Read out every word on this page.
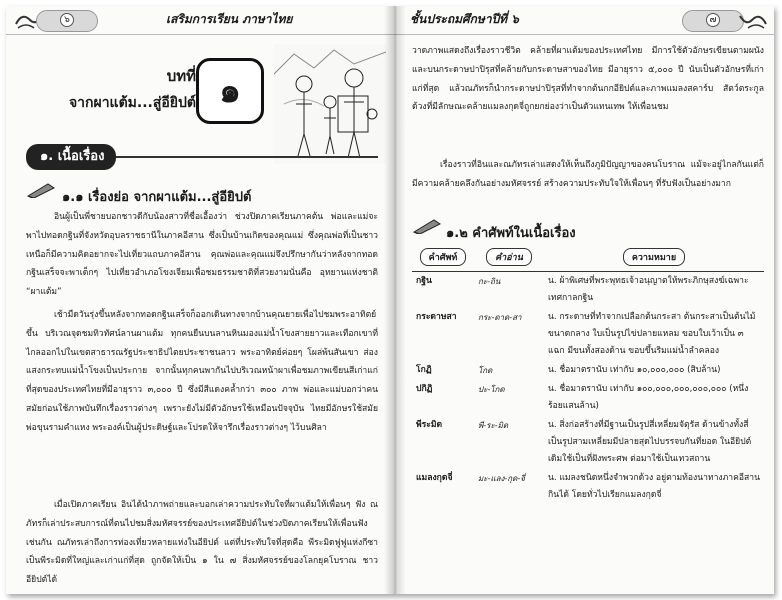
๖	เสริมการเรียน ภาษาไทย
บทที่
จากผาแต้ม...สู่อียิปต์ ๑
๑. เนื้อเรื่อง
๑.๑ เรื่องย่อ จากผาแต้ม...สู่อียิปต์
อินผู้เป็นพี่ชายบอกชาวดีกับน้องสาวที่ชื่อเอื้องว่า ช่วงปิดภาคเรียนภาคต้น พ่อและแม่จะพาไปทอดกฐินที่จังหวัดอุบลราชธานีในภาคอีสาน ซึ่งเป็นบ้านเกิดของคุณแม่ ซึ่งคุณพ่อที่เป็นชาวเหนือก็มีความคิดอยากจะไปเที่ยวแถบภาคอีสาน คุณพ่อและคุณแม่จึงปรึกษากันว่าหลังจากทอดกฐินเสร็จจะพาเด็กๆ ไปเที่ยวอำเภอโขงเจียมเพื่อชมธรรมชาติที่สวยงามนั่นคือ อุทยานแห่งชาติ “ผาแต้ม”
เช้ามืดวันรุ่งขึ้นหลังจากทอดกฐินเสร็จก็ออกเดินทางจากบ้านคุณยายเพื่อไปชมพระอาทิตย์ขึ้น บริเวณจุดชมทิวทัศน์ลานผาแต้ม ทุกคนยืนบนลานหินมองแม่น้ำโขงสายยาวและเทือกเขาที่ไกลออกไปในเขตสาธารณรัฐประชาธิปไตยประชาชนลาว พระอาทิตย์ค่อยๆ โผล่พ้นสันเขา ส่องแสงกระทบแม่น้ำโขงเป็นประกาย จากนั้นทุกคนพากันไปบริเวณหน้าผาเพื่อชมภาพเขียนสีเก่าแก่ที่สุดของประเทศไทยที่มีอายุราว ๓,๐๐๐ ปี ซึ่งมีสีแดงคล้ำกว่า ๓๐๐ ภาพ พ่อและแม่บอกว่าคนสมัยก่อนใช้ภาพบันทึกเรื่องราวต่างๆ เพราะยังไม่มีตัวอักษรใช้เหมือนปัจจุบัน ไทยมีอักษรใช้สมัยพ่อขุนรามคำแหง พระองค์เป็นผู้ประดิษฐ์และโปรดให้จารึกเรื่องราวต่างๆ ไว้บนศิลา
เมื่อเปิดภาคเรียน อินได้นำภาพถ่ายและบอกเล่าความประทับใจที่ผาแต้มให้เพื่อนๆ ฟัง ณภัทรก็เล่าประสบการณ์ที่ตนไปชมสิ่งมหัศจรรย์ของประเทศอียิปต์ในช่วงปิดภาคเรียนให้เพื่อนฟังเช่นกัน ณภัทรเล่าถึงการท่องเที่ยวหลายแห่งในอียิปต์ แต่ที่ประทับใจที่สุดคือ พีระมิดฟูฟูแห่งกีซา เป็นพีระมิดที่ใหญ่และเก่าแก่ที่สุด ถูกจัดให้เป็น ๑ ใน ๗ สิ่งมหัศจรรย์ของโลกยุคโบราณ ชาวอียิปต์ได้
ชั้นประถมศึกษาปีที่ ๖	๗
วาดภาพแสดงถึงเรื่องราวชีวิต คล้ายที่ผาแต้มของประเทศไทย มีการใช้ตัวอักษรเขียนตามผนังและบนกระดาษปาปิรุสที่คล้ายกับกระดาษสาของไทย มีอายุราว ๕,๐๐๐ ปี นับเป็นตัวอักษรที่เก่าแก่ที่สุด แล้วณภัทรก็นำกระดาษปาปิรุสที่ทำจากต้นกกอียิปต์และภาพแมลงสคาร์บ สัตว์ตระกูลด้วงที่มีลักษณะคล้ายแมลงกุดจี่ถูกยกย่องว่าเป็นตัวแทนเทพ ให้เพื่อนชม
เรื่องราวที่อินและณภัทรเล่าแสดงให้เห็นถึงภูมิปัญญาของคนโบราณ แม้จะอยู่ไกลกันแต่ก็มีความคล้ายคลึงกันอย่างมหัศจรรย์ สร้างความประทับใจให้เพื่อนๆ ที่รับฟังเป็นอย่างมาก
๑.๒ คำศัพท์ในเนื้อเรื่อง
คำศัพท์	คำอ่าน	ความหมาย

กฐิน	กะ-ถิน	น. ผ้าพิเศษที่พระพุทธเจ้าอนุญาตให้พระภิกษุสงฆ์เฉพาะเทศกาลกฐิน
กระดาษสา	กระ-ดาด-สา	น. กระดาษที่ทำจากเปลือกต้นกระสา ต้นกระสาเป็นต้นไม้ขนาดกลาง ใบเป็นรูปไข่ปลายแหลม ขอบใบเว้าเป็น ๓ แฉก มีขนทั้งสองด้าน ขอบขึ้นริมแม่น้ำลำคลอง
โกฏิ	โกด	น. ชื่อมาตรานับ เท่ากับ ๑๐,๐๐๐,๐๐๐ (สิบล้าน)
ปกิฏิ	ปะ-โกด	น. ชื่อมาตรานับ เท่ากับ ๑๐๐,๐๐๐,๐๐๐,๐๐๐,๐๐๐ (หนึ่งร้อยแสนล้าน)
พีระมิด	พี-ระ-มิด	น. สิ่งก่อสร้างที่มีฐานเป็นรูปสี่เหลี่ยมจัตุรัส ด้านข้างทั้งสี่เป็นรูปสามเหลี่ยมมีปลายสุดไปบรรจบกันที่ยอด ในอียิปต์เดิมใช้เป็นที่ฝังพระศพ ต่อมาใช้เป็นเทวสถาน
แมลงกุดจี่	มะ-แลง-กุด-จี่	น. แมลงชนิดหนึ่งจำพวกด้วง อยู่ตามท้องนาทางภาคอีสาน กินได้ โดยทั่วไปเรียกแมลงกุดจี่
